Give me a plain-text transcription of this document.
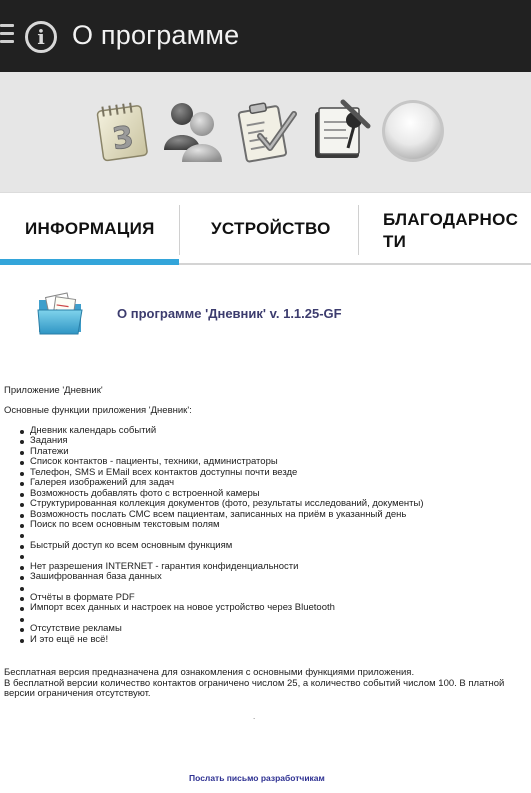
i	О программе
3
ИНФОРМАЦИЯ	УСТРОЙСТВО	БЛАГОДАРНОС
ТИ
О программе 'Дневник' v. 1.1.25-GF
Приложение 'Дневник'
Основные функции приложения 'Дневник':
Дневник календарь событий
Задания
Платежи
Список контактов - пациенты, техники, администраторы
Телефон, SMS и EMail всех контактов доступны почти везде
Галерея изображений для задач
Возможность добавлять фото с встроенной камеры
Структурированная коллекция документов (фото, результаты исследований, документы)
Возможность послать СМС всем пациентам, записанных на приём в указанный день
Поиск по всем основным текстовым полям
Быстрый доступ ко всем основным функциям
Нет разрешения INTERNET - гарантия конфиденциальности
Зашифрованная база данных
Отчёты в формате PDF
Импорт всех данных и настроек на новое устройство через Bluetooth
Отсутствие рекламы
И это ещё не всё!
Бесплатная версия предназначена для ознакомления с основными функциями приложения.
В бесплатной версии количество контактов ограничено числом 25, а количество событий числом 100. В платной версии ограничения отсутствуют.
.
Послать письмо разработчикам
